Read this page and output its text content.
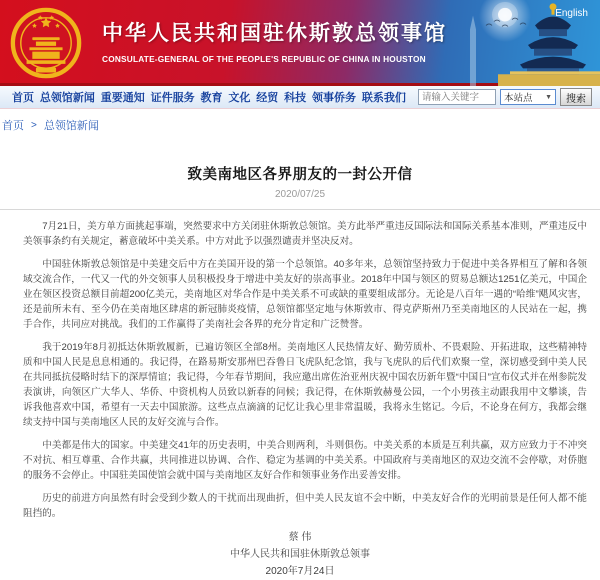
中华人民共和国驻休斯敦总领事馆
CONSULATE-GENERAL OF THE PEOPLE'S REPUBLIC OF CHINA IN HOUSTON
English
首页 总领馆新闻 重要通知 证件服务 教育 文化 经贸 科技 领事侨务 联系我们
请输入关键字	本站点 ▼	搜索
首页 > 总领馆新闻
致美南地区各界朋友的一封公开信
2020/07/25

7月21日，美方单方面挑起事端，突然要求中方关闭驻休斯敦总领馆。美方此举严重违反国际法和国际关系基本准则，严重违反中美领事条约有关规定，蓄意破坏中美关系。中方对此予以强烈谴责并坚决反对。

中国驻休斯敦总领馆是中美建交后中方在美国开设的第一个总领馆。40多年来，总领馆坚持致力于促进中美各界相互了解和各领域交流合作，一代又一代的外交领事人员积极投身于增进中美友好的崇高事业。2018年中国与领区的贸易总额达1251亿美元，中国企业在领区投资总额目前超200亿美元，美南地区对华合作是中美关系不可或缺的重要组成部分。无论是八百年一遇的“哈维”飓风灾害，还是前所未有、至今仍在美南地区肆虐的新冠肺炎疫情，总领馆都坚定地与休斯敦市、得克萨斯州乃至美南地区的人民站在一起，携手合作，共同应对挑战。我们的工作赢得了美南社会各界的充分肯定和广泛赞誉。

我于2019年8月初抵达休斯敦履新，已遍访领区全部8州。美南地区人民热情友好、勤劳质朴、不畏艰险、开拓进取，这些精神特质和中国人民是息息相通的。我记得，在路易斯安那州巴吞鲁日飞虎队纪念馆，我与飞虎队的后代们欢聚一堂，深切感受到中美人民在共同抵抗侵略时结下的深厚情谊；我记得，今年春节期间，我应邀出席佐治亚州庆祝中国农历新年暨“中国日”宣布仪式并在州参院发表演讲，向领区广大华人、华侨、中资机构人员致以新春的问候；我记得，在休斯敦赫曼公园，一个小男孩主动跟我用中文攀谈，告诉我他喜欢中国，希望有一天去中国旅游。这些点点滴滴的记忆让我心里非常温暖，我将永生铭记。今后，不论身在何方，我都会继续支持中国与美南地区人民的友好交流与合作。

中美都是伟大的国家。中美建交41年的历史表明，中美合则两利，斗则俱伤。中美关系的本质是互利共赢，双方应致力于不冲突不对抗、相互尊重、合作共赢，共同推进以协调、合作、稳定为基调的中美关系。中国政府与美南地区的双边交流不会停歇，对侨胞的服务不会停止。中国驻美国使馆会就中国与美南地区友好合作和领事业务作出妥善安排。

历史的前进方向虽然有时会受到少数人的干扰而出现曲折，但中美人民友谊不会中断，中美友好合作的光明前景是任何人都不能阻挡的。

蔡 伟
中华人民共和国驻休斯敦总领事
2020年7月24日
